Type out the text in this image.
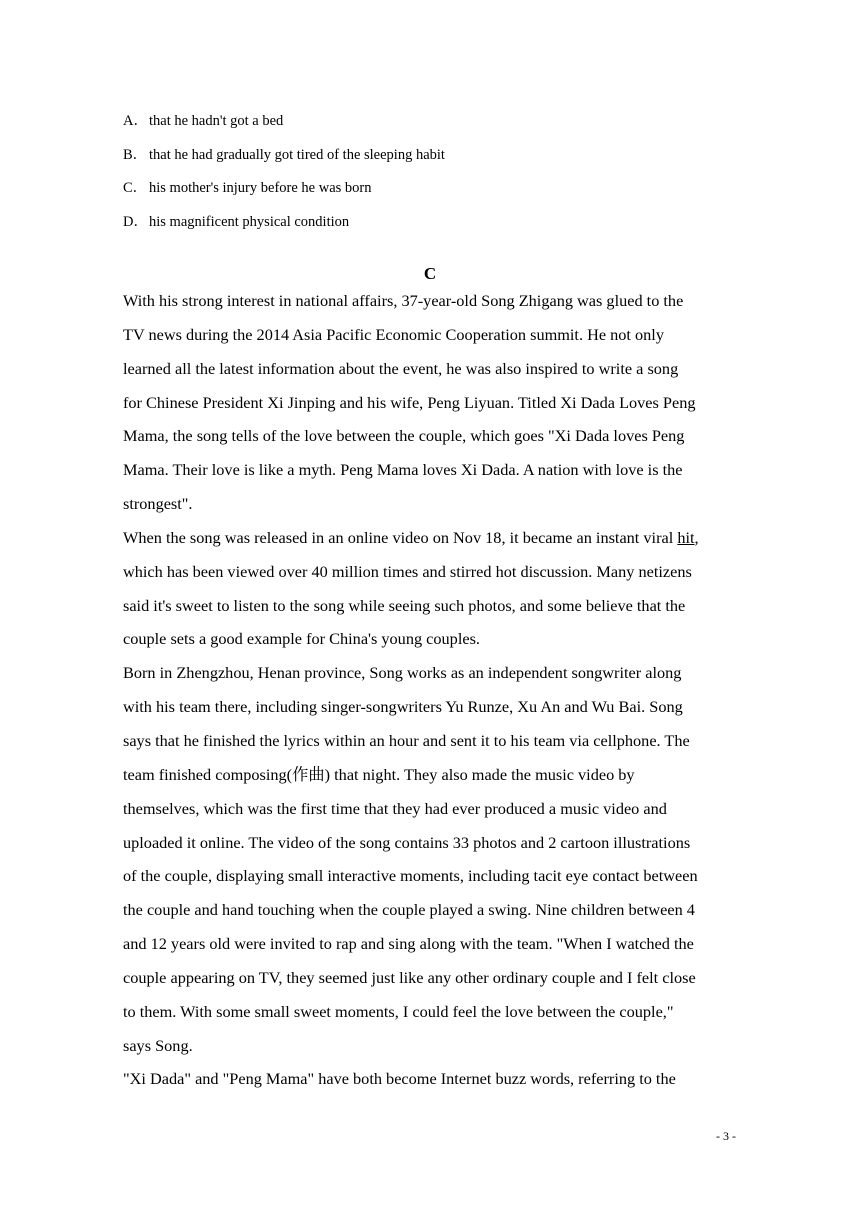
A．that he hadn't got a bed
B． that he had gradually got tired of the sleeping habit
C． his mother's injury before he was born
D．his magnificent physical condition
C
With his strong interest in national affairs, 37-year-old Song Zhigang was glued to the
TV news during the 2014 Asia Pacific Economic Cooperation summit. He not only
learned all the latest information about the event, he was also inspired to write a song
for Chinese President Xi Jinping and his wife, Peng Liyuan. Titled Xi Dada Loves Peng
Mama, the song tells of the love between the couple, which goes "Xi Dada loves Peng
Mama. Their love is like a myth. Peng Mama loves Xi Dada. A nation with love is the
strongest".
When the song was released in an online video on Nov 18, it became an instant viral hit,
which has been viewed over 40 million times and stirred hot discussion. Many netizens
said it's sweet to listen to the song while seeing such photos, and some believe that the
couple sets a good example for China's young couples.
Born in Zhengzhou, Henan province, Song works as an independent songwriter along
with his team there, including singer-songwriters Yu Runze, Xu An and Wu Bai. Song
says that he finished the lyrics within an hour and sent it to his team via cellphone. The
team finished composing(作曲) that night. They also made the music video by
themselves, which was the first time that they had ever produced a music video and
uploaded it online. The video of the song contains 33 photos and 2 cartoon illustrations
of the couple, displaying small interactive moments, including tacit eye contact between
the couple and hand touching when the couple played a swing. Nine children between 4
and 12 years old were invited to rap and sing along with the team. "When I watched the
couple appearing on TV, they seemed just like any other ordinary couple and I felt close
to them. With some small sweet moments, I could feel the love between the couple,"
says Song.
"Xi Dada" and "Peng Mama" have both become Internet buzz words, referring to the
- 3 -
